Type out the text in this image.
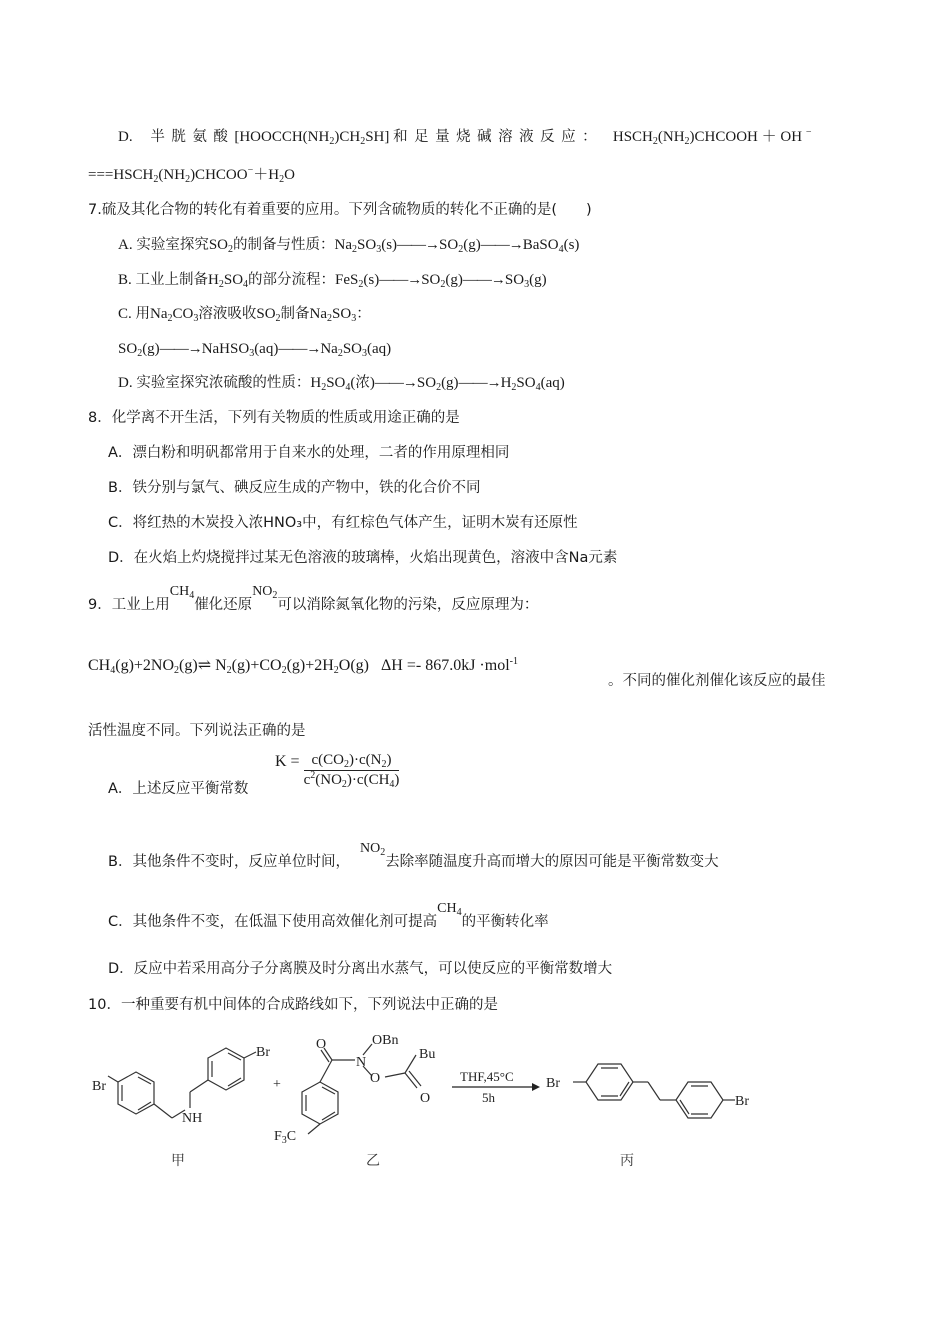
D. 半胱氨酸$[HOOCCH(NH_2)CH_2SH]$ 和足量烧碱溶液反应： $HSCH_2(NH_2)CHCOOH$ ＋ OH −
$===HSCH_2(NH_2)CHCOO^-+H_2O$
7.硫及其化合物的转化有着重要的应用。下列含硫物质的转化不正确的是(　　)
A. 实验室探究$SO_2$的制备与性质：$Na_2SO_3(s)——\to SO_2(g)——\to BaSO_4(s)$
B. 工业上制备$H_2SO_4$的部分流程：$FeS_2(s)——\to SO_2(g)——\to SO_3(g)$
C. 用$Na_2CO_3$溶液吸收$SO_2$制备$Na_2SO_3$：
$SO_2(g)——\to NaHSO_3(aq)——\to Na_2SO_3(aq)$
D. 实验室探究浓硫酸的性质：$H_2SO_4$(浓)$——\to SO_2(g)——\to H_2SO_4(aq)$
8．化学离不开生活，下列有关物质的性质或用途正确的是
A．漂白粉和明矾都常用于自来水的处理，二者的作用原理相同
B．铁分别与氯气、碘反应生成的产物中，铁的化合价不同
C．将红热的木炭投入浓HNO₃中，有红棕色气体产生，证明木炭有还原性
D．在火焰上灼烧搅拌过某无色溶液的玻璃棒，火焰出现黄色，溶液中含Na元素
9．工业上用$CH_4$催化还原$NO_2$可以消除氮氧化物的污染，反应原理为：
$CH_4(g)+2NO_2(g)\rightleftharpoons$ $N_2(g)+CO_2(g)+2H_2O(g) \Delta H =- 867.0kJ \cdot mol^{-1}$
。不同的催化剂催化该反应的最佳
活性温度不同。下列说法正确的是
A．上述反应平衡常数
$K = \frac{c(CO_2)\cdot c(N_2)}{c^2(NO_2)\cdot c(CH_4)}$
B．其他条件不变时，反应单位时间，$NO_2$去除率随温度升高而增大的原因可能是平衡常数变大
C．其他条件不变，在低温下使用高效催化剂可提高$CH_4$的平衡转化率
D．反应中若采用高分子分离膜及时分离出水蒸气，可以使反应的平衡常数增大
10．一种重要有机中间体的合成路线如下，下列说法中正确的是
Br
Br
NH
+
O
N
OBn
O
Bu
O
$F_3C$
THF,45°C
5h
Br
Br
甲	乙	丙
